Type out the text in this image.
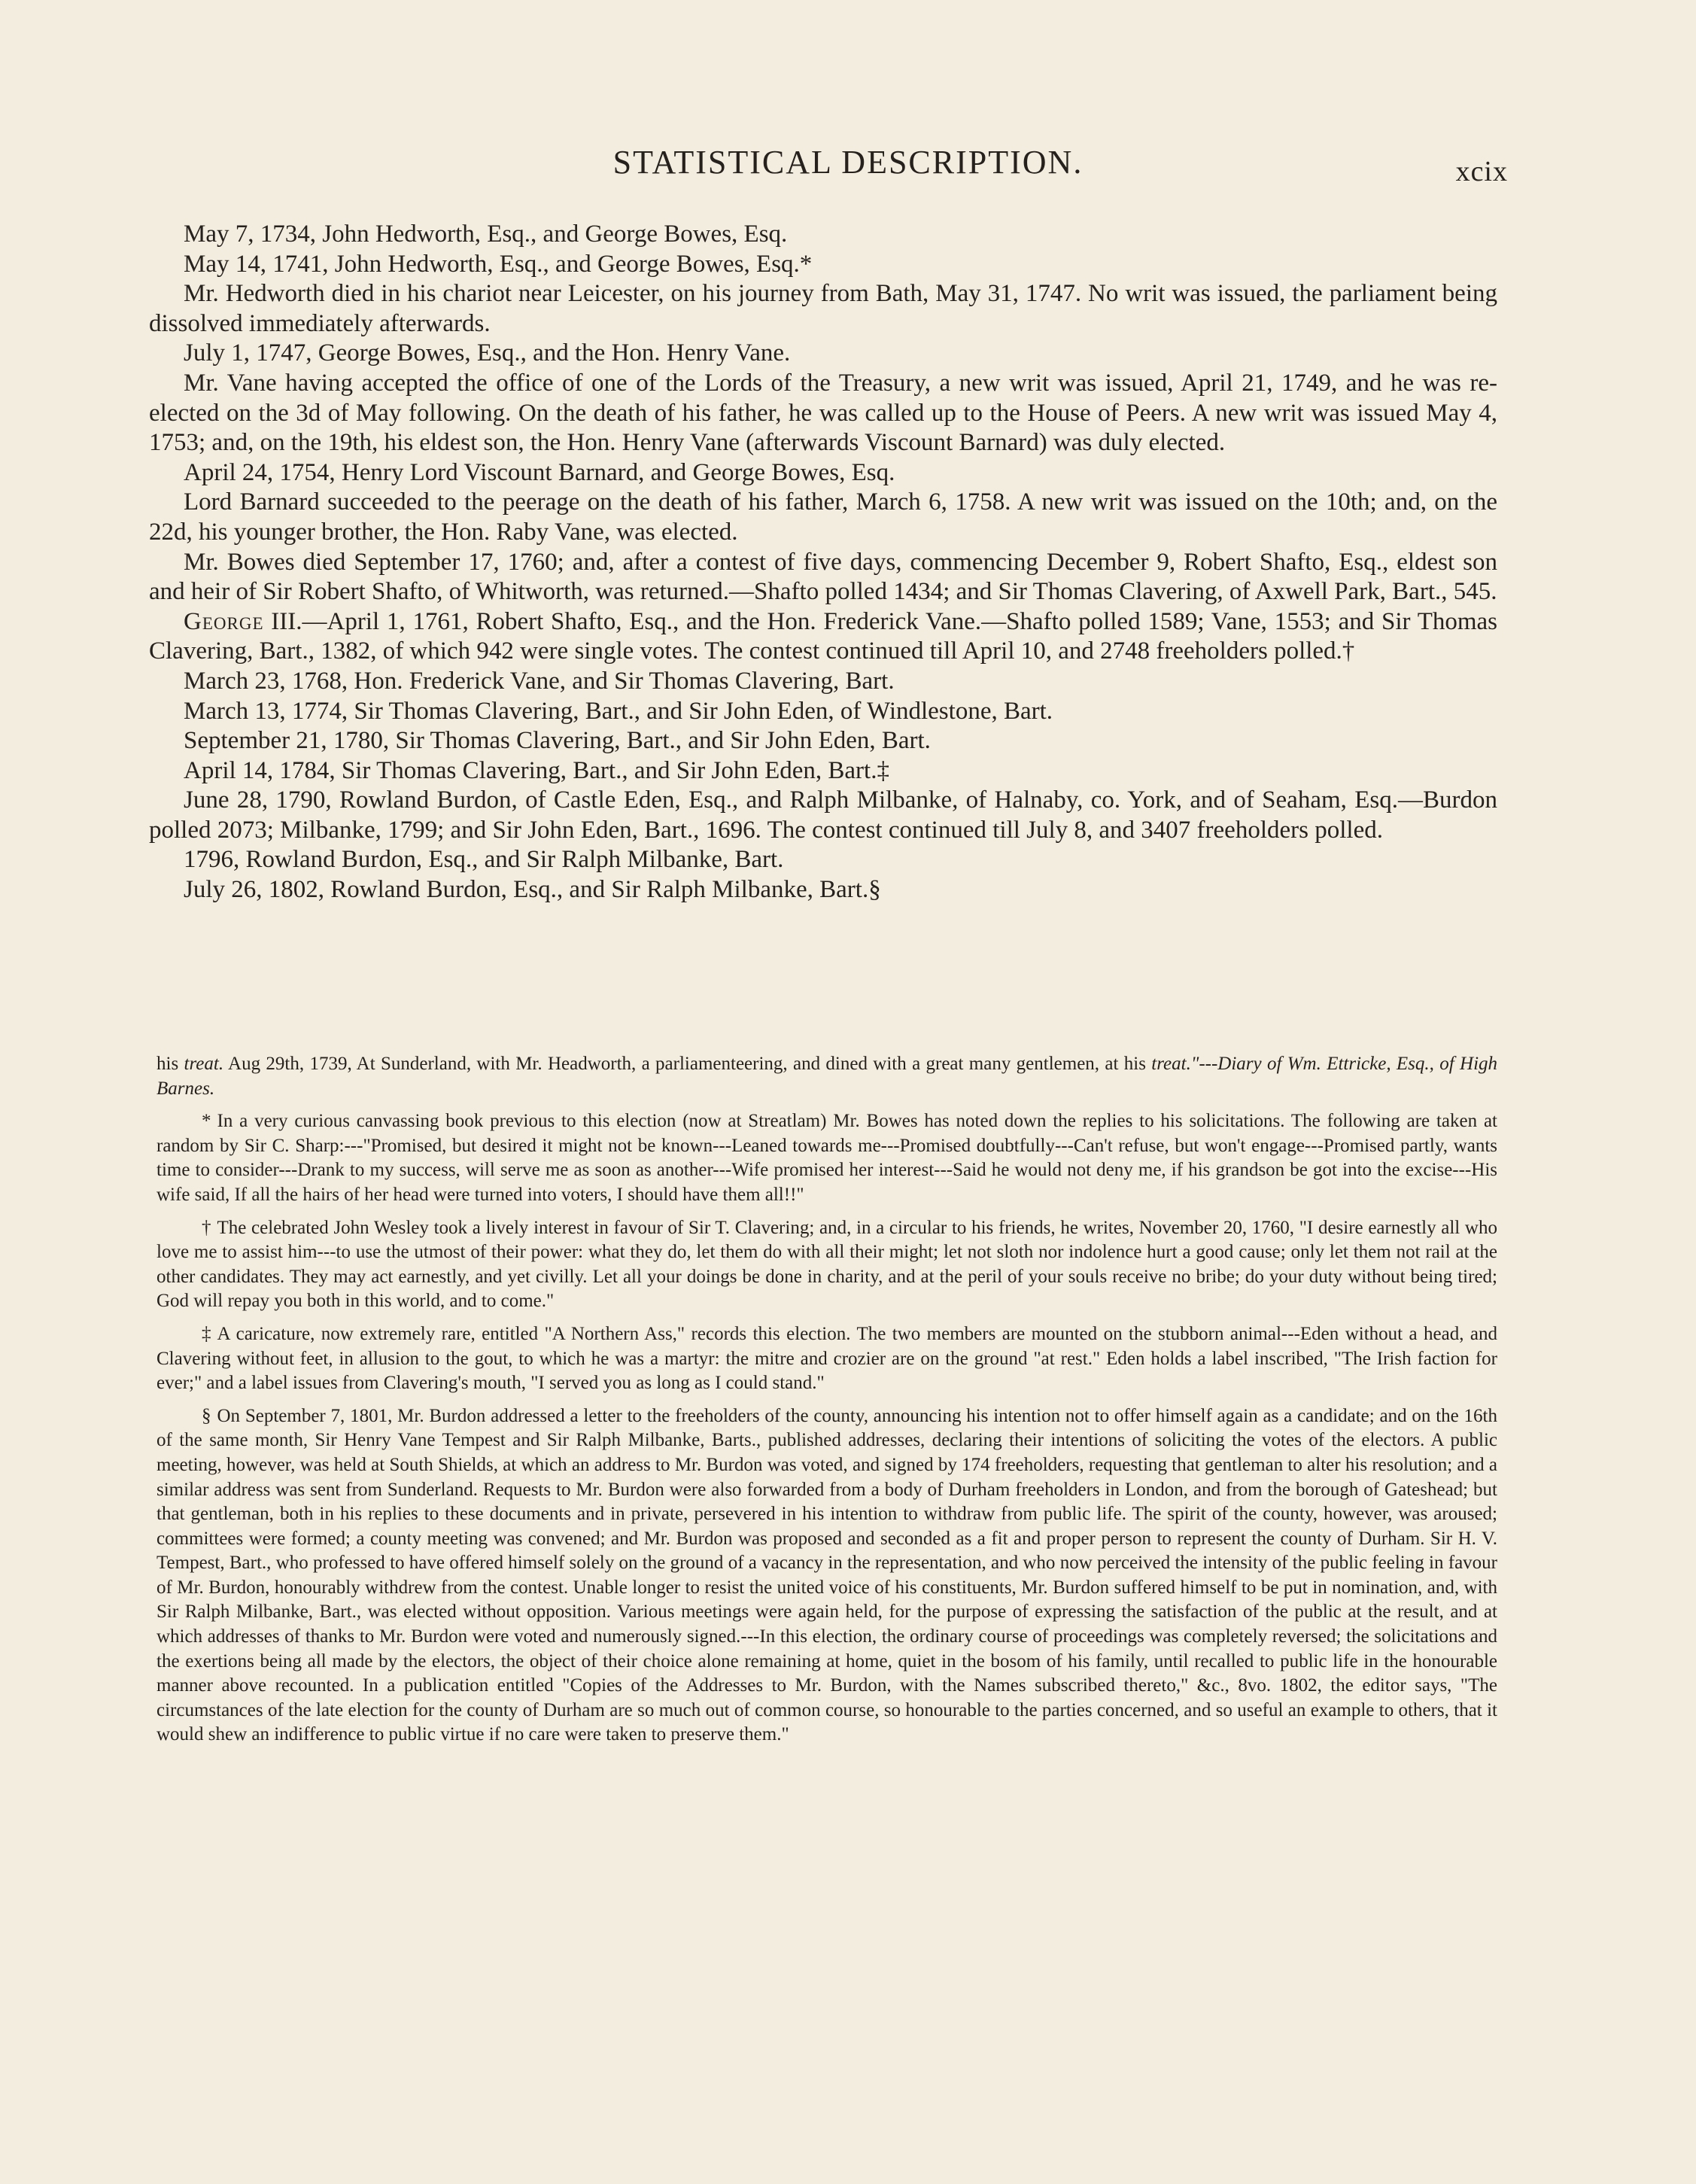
STATISTICAL DESCRIPTION.	xcix

May 7, 1734, John Hedworth, Esq., and George Bowes, Esq.

May 14, 1741, John Hedworth, Esq., and George Bowes, Esq.*

Mr. Hedworth died in his chariot near Leicester, on his journey from Bath, May 31, 1747. No writ was issued, the parliament being dissolved immediately afterwards.

July 1, 1747, George Bowes, Esq., and the Hon. Henry Vane.

Mr. Vane having accepted the office of one of the Lords of the Treasury, a new writ was issued, April 21, 1749, and he was re-elected on the 3d of May following. On the death of his father, he was called up to the House of Peers. A new writ was issued May 4, 1753; and, on the 19th, his eldest son, the Hon. Henry Vane (afterwards Viscount Barnard) was duly elected.

April 24, 1754, Henry Lord Viscount Barnard, and George Bowes, Esq.

Lord Barnard succeeded to the peerage on the death of his father, March 6, 1758. A new writ was issued on the 10th; and, on the 22d, his younger brother, the Hon. Raby Vane, was elected.

Mr. Bowes died September 17, 1760; and, after a contest of five days, commencing December 9, Robert Shafto, Esq., eldest son and heir of Sir Robert Shafto, of Whitworth, was returned.—Shafto polled 1434; and Sir Thomas Clavering, of Axwell Park, Bart., 545.

George III.—April 1, 1761, Robert Shafto, Esq., and the Hon. Frederick Vane.—Shafto polled 1589; Vane, 1553; and Sir Thomas Clavering, Bart., 1382, of which 942 were single votes. The contest continued till April 10, and 2748 freeholders polled.†

March 23, 1768, Hon. Frederick Vane, and Sir Thomas Clavering, Bart.

March 13, 1774, Sir Thomas Clavering, Bart., and Sir John Eden, of Windlestone, Bart.

September 21, 1780, Sir Thomas Clavering, Bart., and Sir John Eden, Bart.

April 14, 1784, Sir Thomas Clavering, Bart., and Sir John Eden, Bart.‡

June 28, 1790, Rowland Burdon, of Castle Eden, Esq., and Ralph Milbanke, of Halnaby, co. York, and of Seaham, Esq.—Burdon polled 2073; Milbanke, 1799; and Sir John Eden, Bart., 1696. The contest continued till July 8, and 3407 freeholders polled.

1796, Rowland Burdon, Esq., and Sir Ralph Milbanke, Bart.

July 26, 1802, Rowland Burdon, Esq., and Sir Ralph Milbanke, Bart.§

his treat. Aug 29th, 1739, At Sunderland, with Mr. Headworth, a parliamenteering, and dined with a great many gentlemen, at his treat."---Diary of Wm. Ettricke, Esq., of High Barnes.

* In a very curious canvassing book previous to this election (now at Streatlam) Mr. Bowes has noted down the replies to his solicitations. The following are taken at random by Sir C. Sharp:---"Promised, but desired it might not be known---Leaned towards me---Promised doubtfully---Can't refuse, but won't engage---Promised partly, wants time to consider---Drank to my success, will serve me as soon as another---Wife promised her interest---Said he would not deny me, if his grandson be got into the excise---His wife said, If all the hairs of her head were turned into voters, I should have them all!!"

† The celebrated John Wesley took a lively interest in favour of Sir T. Clavering; and, in a circular to his friends, he writes, November 20, 1760, "I desire earnestly all who love me to assist him---to use the utmost of their power: what they do, let them do with all their might; let not sloth nor indolence hurt a good cause; only let them not rail at the other candidates. They may act earnestly, and yet civilly. Let all your doings be done in charity, and at the peril of your souls receive no bribe; do your duty without being tired; God will repay you both in this world, and to come."

‡ A caricature, now extremely rare, entitled "A Northern Ass," records this election. The two members are mounted on the stubborn animal---Eden without a head, and Clavering without feet, in allusion to the gout, to which he was a martyr: the mitre and crozier are on the ground "at rest." Eden holds a label inscribed, "The Irish faction for ever;" and a label issues from Clavering's mouth, "I served you as long as I could stand."

§ On September 7, 1801, Mr. Burdon addressed a letter to the freeholders of the county, announcing his intention not to offer himself again as a candidate; and on the 16th of the same month, Sir Henry Vane Tempest and Sir Ralph Milbanke, Barts., published addresses, declaring their intentions of soliciting the votes of the electors. A public meeting, however, was held at South Shields, at which an address to Mr. Burdon was voted, and signed by 174 freeholders, requesting that gentleman to alter his resolution; and a similar address was sent from Sunderland. Requests to Mr. Burdon were also forwarded from a body of Durham freeholders in London, and from the borough of Gateshead; but that gentleman, both in his replies to these documents and in private, persevered in his intention to withdraw from public life. The spirit of the county, however, was aroused; committees were formed; a county meeting was convened; and Mr. Burdon was proposed and seconded as a fit and proper person to represent the county of Durham. Sir H. V. Tempest, Bart., who professed to have offered himself solely on the ground of a vacancy in the representation, and who now perceived the intensity of the public feeling in favour of Mr. Burdon, honourably withdrew from the contest. Unable longer to resist the united voice of his constituents, Mr. Burdon suffered himself to be put in nomination, and, with Sir Ralph Milbanke, Bart., was elected without opposition. Various meetings were again held, for the purpose of expressing the satisfaction of the public at the result, and at which addresses of thanks to Mr. Burdon were voted and numerously signed.---In this election, the ordinary course of proceedings was completely reversed; the solicitations and the exertions being all made by the electors, the object of their choice alone remaining at home, quiet in the bosom of his family, until recalled to public life in the honourable manner above recounted. In a publication entitled "Copies of the Addresses to Mr. Burdon, with the Names subscribed thereto," &c., 8vo. 1802, the editor says, "The circumstances of the late election for the county of Durham are so much out of common course, so honourable to the parties concerned, and so useful an example to others, that it would shew an indifference to public virtue if no care were taken to preserve them."
